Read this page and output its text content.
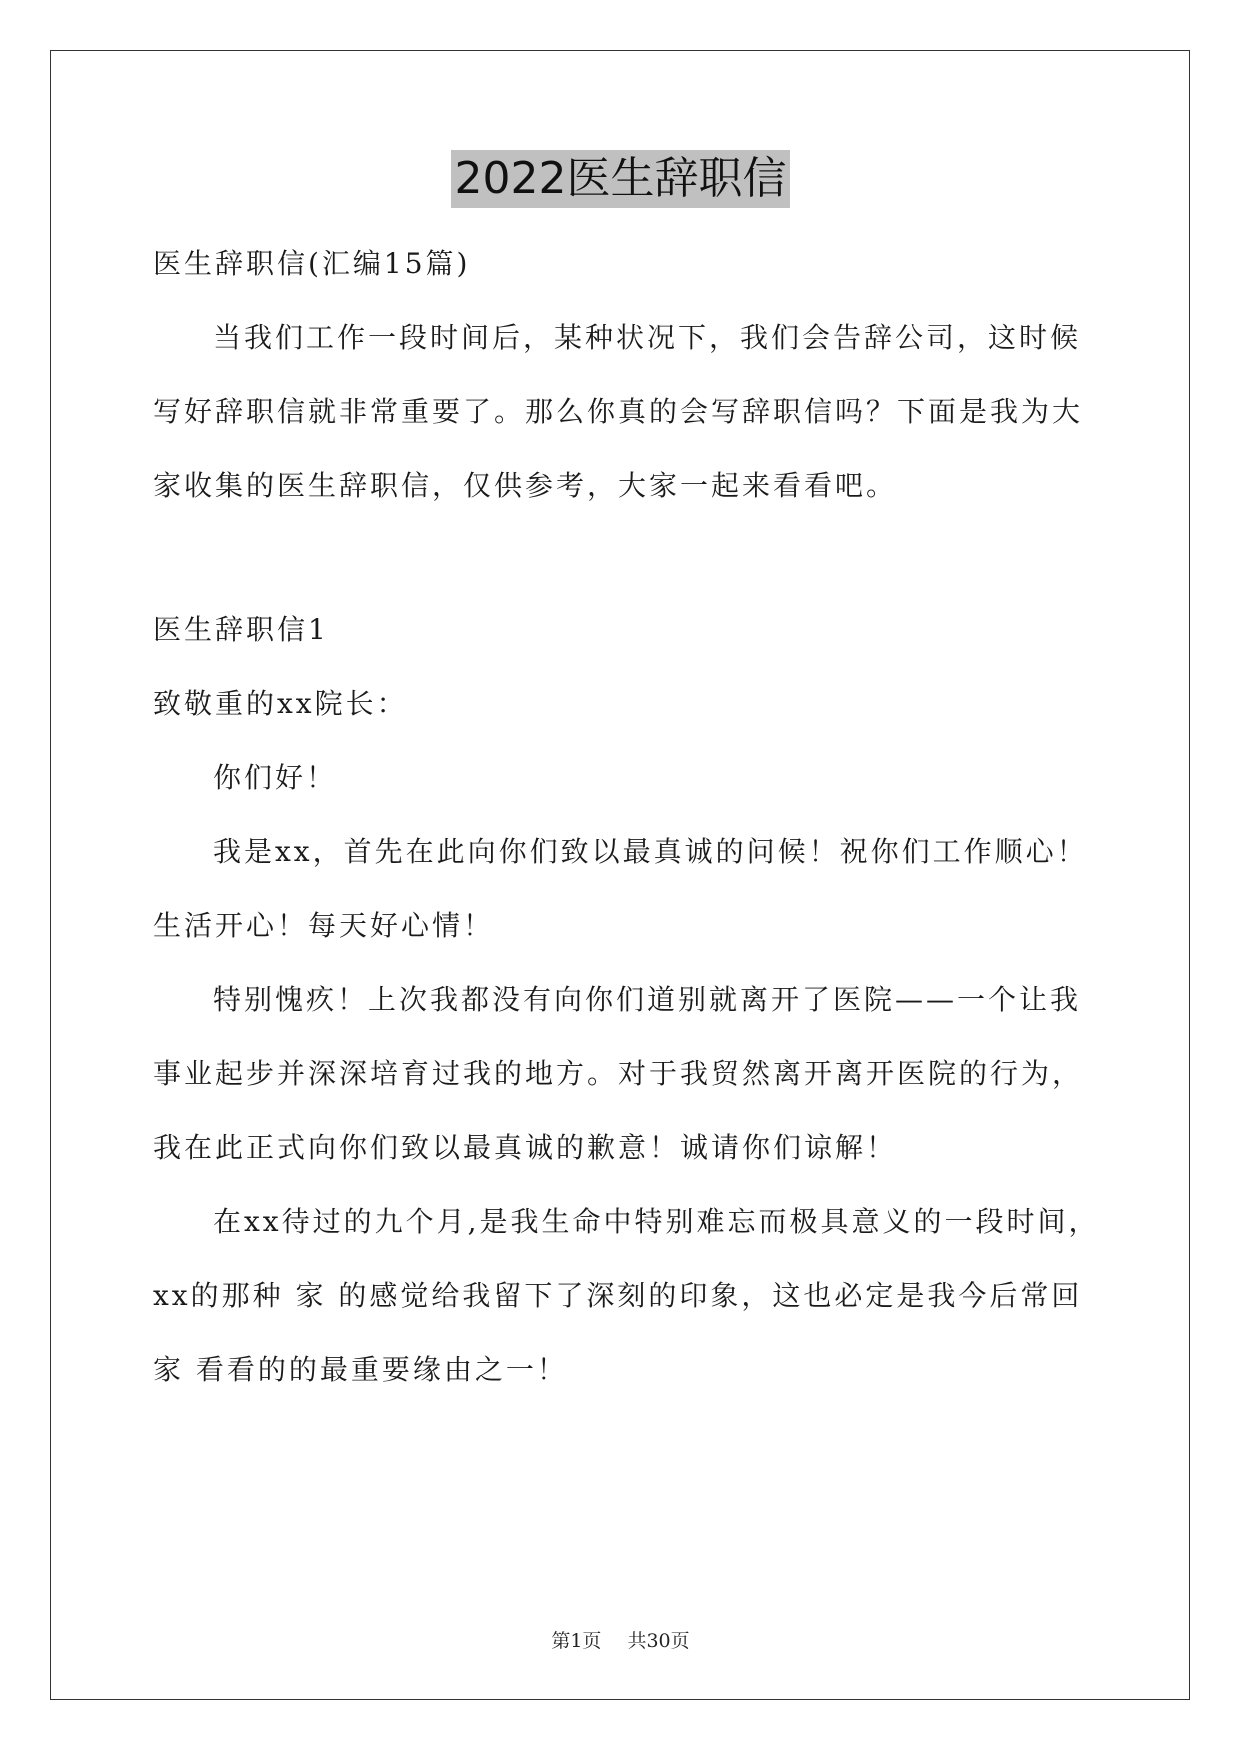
2022医生辞职信

医生辞职信(汇编15篇)

当我们工作一段时间后，某种状况下，我们会告辞公司，这时候

写好辞职信就非常重要了。那么你真的会写辞职信吗？下面是我为大

家收集的医生辞职信，仅供参考，大家一起来看看吧。

医生辞职信1

致敬重的xx院长：

你们好！

我是xx，首先在此向你们致以最真诚的问候！祝你们工作顺心！

生活开心！每天好心情！

特别愧疚！上次我都没有向你们道别就离开了医院——一个让我

事业起步并深深培育过我的地方。对于我贸然离开离开医院的行为，

我在此正式向你们致以最真诚的歉意！诚请你们谅解！

在xx待过的九个月,是我生命中特别难忘而极具意义的一段时间，

xx的那种 家 的感觉给我留下了深刻的印象，这也必定是我今后常回

家 看看的的最重要缘由之一！

第1页 共30页
